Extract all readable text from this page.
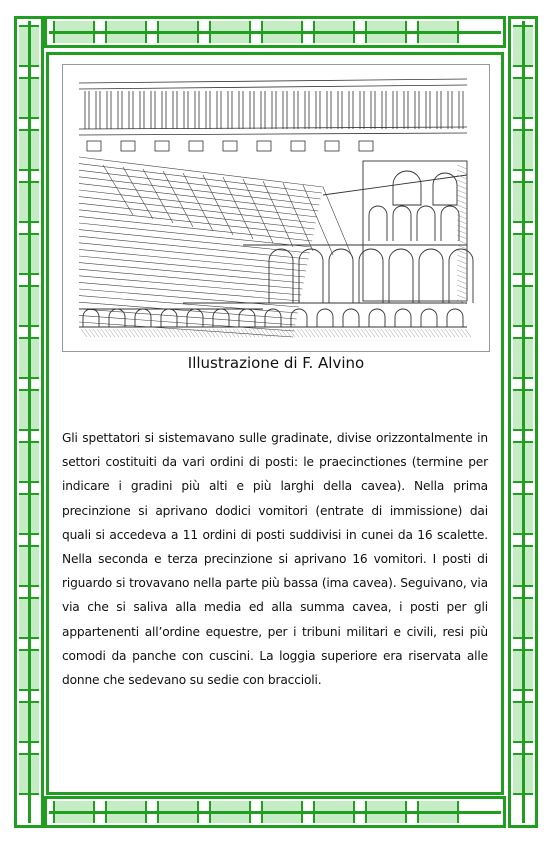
Illustrazione di F. Alvino
Gli spettatori si sistemavano sulle gradinate, divise orizzontalmente in settori costituiti da vari ordini di posti: le praecinctiones (termine per indicare i gradini più alti e più larghi della cavea). Nella prima precinzione si aprivano dodici vomitori (entrate di immissione) dai quali si accedeva a 11 ordini di posti suddivisi in cunei da 16 scalette. Nella seconda e terza precinzione si aprivano 16 vomitori. I posti di riguardo si trovavano nella parte più bassa (ima cavea). Seguivano, via via che si saliva alla media ed alla summa cavea, i posti per gli appartenenti all’ordine equestre, per i tribuni militari e civili, resi più comodi da panche con cuscini. La loggia superiore era riservata alle donne che sedevano su sedie con braccioli.
